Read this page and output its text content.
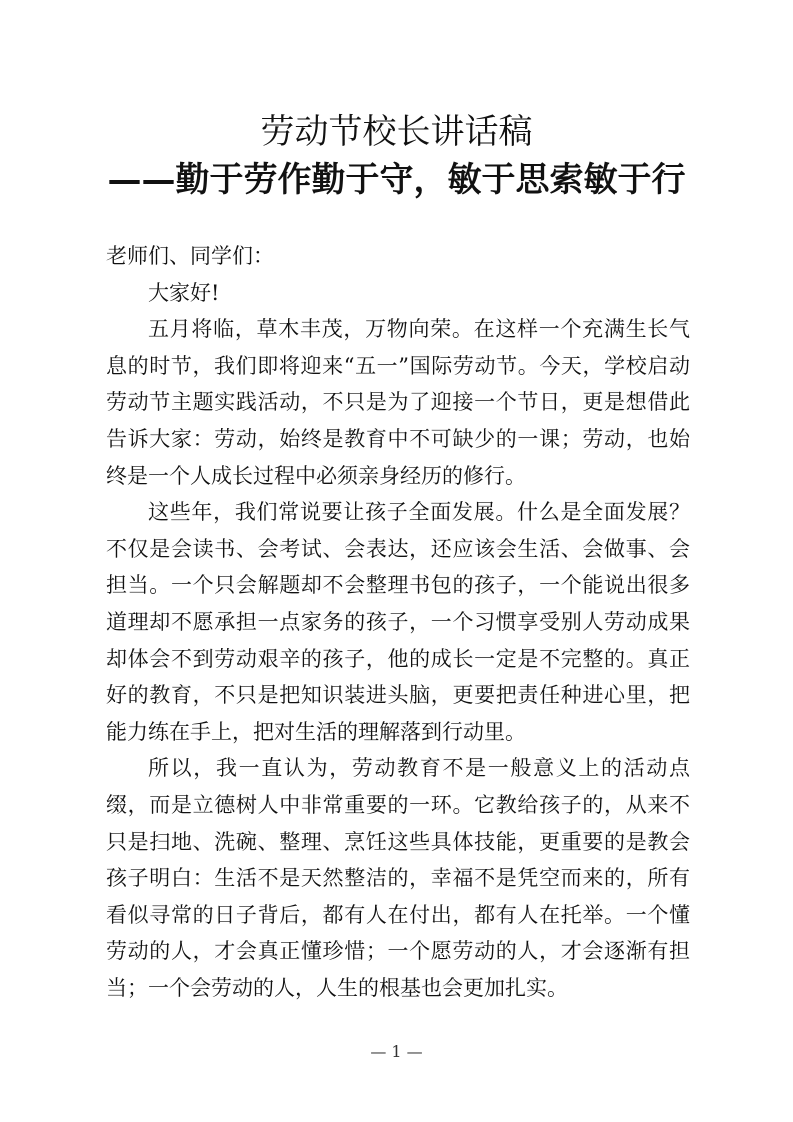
劳动节校长讲话稿
——勤于劳作勤于守，敏于思索敏于行

老师们、同学们：

大家好!

五月将临，草木丰茂，万物向荣。在这样一个充满生长气息的时节，我们即将迎来“五一”国际劳动节。今天，学校启动劳动节主题实践活动，不只是为了迎接一个节日，更是想借此告诉大家：劳动，始终是教育中不可缺少的一课；劳动，也始终是一个人成长过程中必须亲身经历的修行。

这些年，我们常说要让孩子全面发展。什么是全面发展？不仅是会读书、会考试、会表达，还应该会生活、会做事、会担当。一个只会解题却不会整理书包的孩子，一个能说出很多道理却不愿承担一点家务的孩子，一个习惯享受别人劳动成果却体会不到劳动艰辛的孩子，他的成长一定是不完整的。真正好的教育，不只是把知识装进头脑，更要把责任种进心里，把能力练在手上，把对生活的理解落到行动里。

所以，我一直认为，劳动教育不是一般意义上的活动点缀，而是立德树人中非常重要的一环。它教给孩子的，从来不只是扫地、洗碗、整理、烹饪这些具体技能，更重要的是教会孩子明白：生活不是天然整洁的，幸福不是凭空而来的，所有看似寻常的日子背后，都有人在付出，都有人在托举。一个懂劳动的人，才会真正懂珍惜；一个愿劳动的人，才会逐渐有担当；一个会劳动的人，人生的根基也会更加扎实。

— 1 —
